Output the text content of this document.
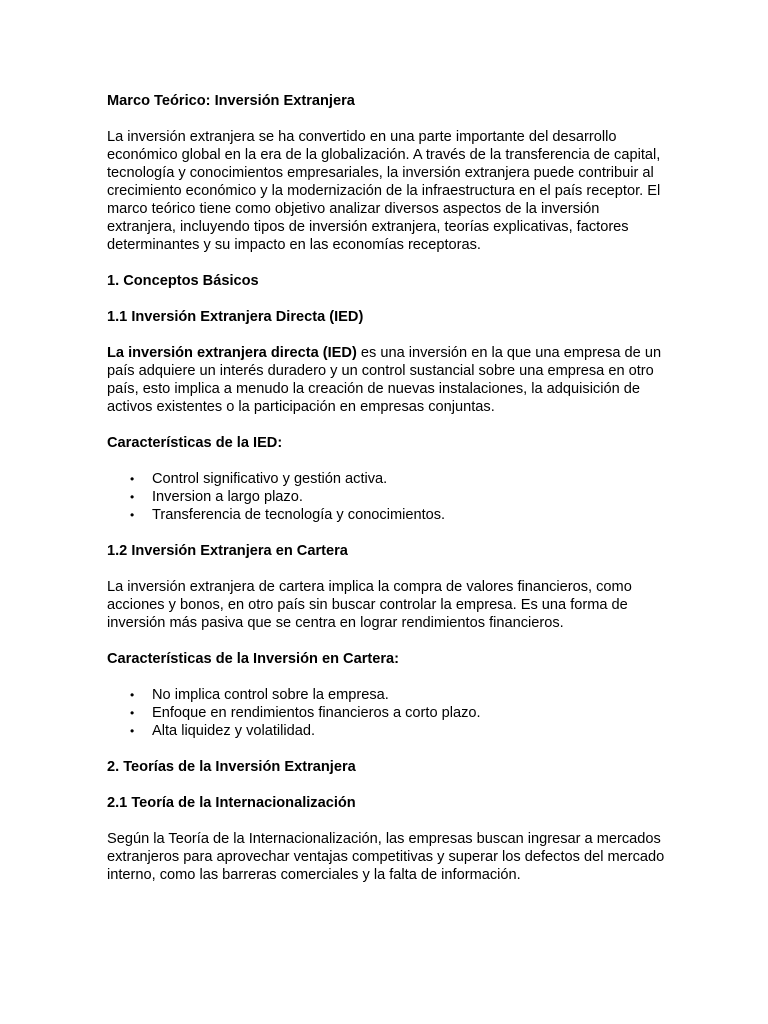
Marco Teórico: Inversión Extranjera

La inversión extranjera se ha convertido en una parte importante del desarrollo económico global en la era de la globalización. A través de la transferencia de capital, tecnología y conocimientos empresariales, la inversión extranjera puede contribuir al crecimiento económico y la modernización de la infraestructura en el país receptor. El marco teórico tiene como objetivo analizar diversos aspectos de la inversión extranjera, incluyendo tipos de inversión extranjera, teorías explicativas, factores determinantes y su impacto en las economías receptoras.

1. Conceptos Básicos

1.1 Inversión Extranjera Directa (IED)

La inversión extranjera directa (IED) es una inversión en la que una empresa de un país adquiere un interés duradero y un control sustancial sobre una empresa en otro país, esto implica a menudo la creación de nuevas instalaciones, la adquisición de activos existentes o la participación en empresas conjuntas.

Características de la IED:

• Control significativo y gestión activa.
• Inversion a largo plazo.
• Transferencia de tecnología y conocimientos.

1.2 Inversión Extranjera en Cartera

La inversión extranjera de cartera implica la compra de valores financieros, como acciones y bonos, en otro país sin buscar controlar la empresa. Es una forma de inversión más pasiva que se centra en lograr rendimientos financieros.

Características de la Inversión en Cartera:

• No implica control sobre la empresa.
• Enfoque en rendimientos financieros a corto plazo.
• Alta liquidez y volatilidad.

2. Teorías de la Inversión Extranjera

2.1 Teoría de la Internacionalización

Según la Teoría de la Internacionalización, las empresas buscan ingresar a mercados extranjeros para aprovechar ventajas competitivas y superar los defectos del mercado interno, como las barreras comerciales y la falta de información.
